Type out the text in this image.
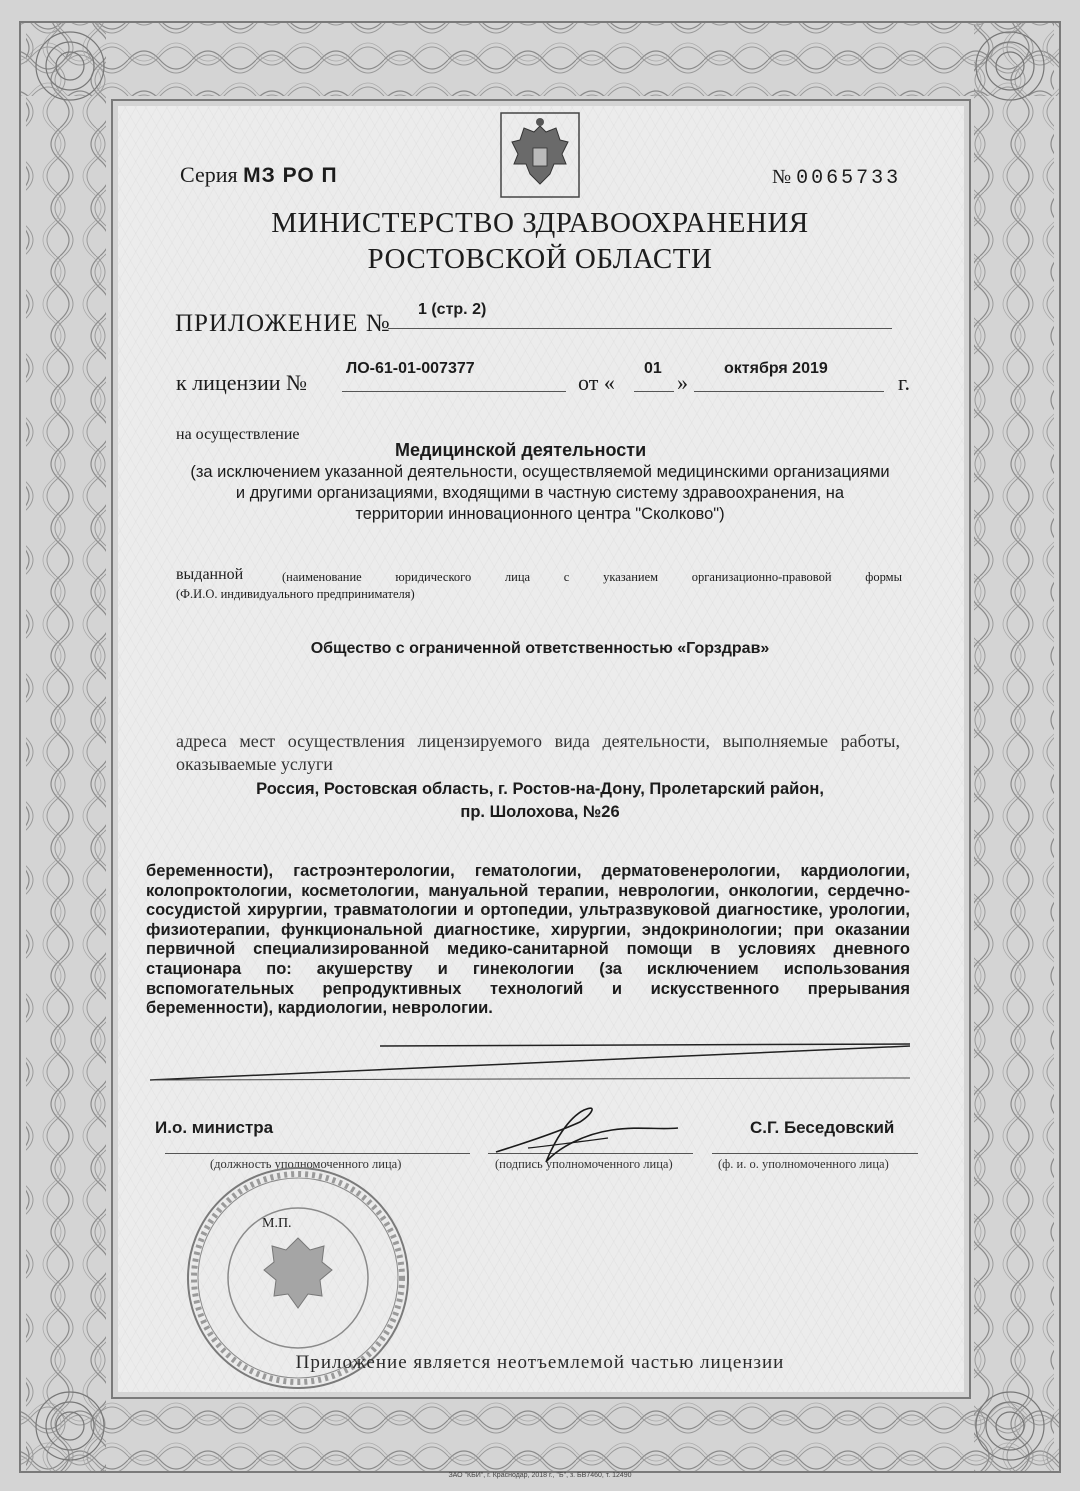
Серия МЗ РО П	№ 0065733
МИНИСТЕРСТВО ЗДРАВООХРАНЕНИЯ
РОСТОВСКОЙ ОБЛАСТИ
ПРИЛОЖЕНИЕ №
1 (стр. 2)
к лицензии №
ЛО-61-01-007377
от «
01
»
октября 2019
г.
на осуществление
Медицинской деятельности
(за исключением указанной деятельности, осуществляемой медицинскими организациями
и другими организациями, входящими в частную систему здравоохранения, на
территории инновационного центра "Сколково")
выданной	(наименование юридического лица с указанием организационно-правовой формы
(Ф.И.О. индивидуального предпринимателя)
Общество с ограниченной ответственностью «Горздрав»
адреса мест осуществления лицензируемого вида деятельности, выполняемые работы, оказываемые услуги
Россия, Ростовская область, г. Ростов-на-Дону, Пролетарский район,
пр. Шолохова, №26
беременности), гастроэнтерологии, гематологии, дерматовенерологии, кардиологии, колопроктологии, косметологии, мануальной терапии, неврологии, онкологии, сердечно-сосудистой хирургии, травматологии и ортопедии, ультразвуковой диагностике, урологии, физиотерапии, функциональной диагностике, хирургии, эндокринологии; при оказании первичной специализированной медико-санитарной помощи в условиях дневного стационара по: акушерству и гинекологии (за исключением использования вспомогательных репродуктивных технологий и искусственного прерывания беременности), кардиологии, неврологии.
И.о. министра	С.Г. Беседовский
(должность уполномоченного лица)	(подпись уполномоченного лица)	(ф. и. о. уполномоченного лица)
М.П.
Приложение является неотъемлемой частью лицензии
ЗАО "КБИ", г. Краснодар, 2018 г., "Б", з. БВ7460, т. 12490
